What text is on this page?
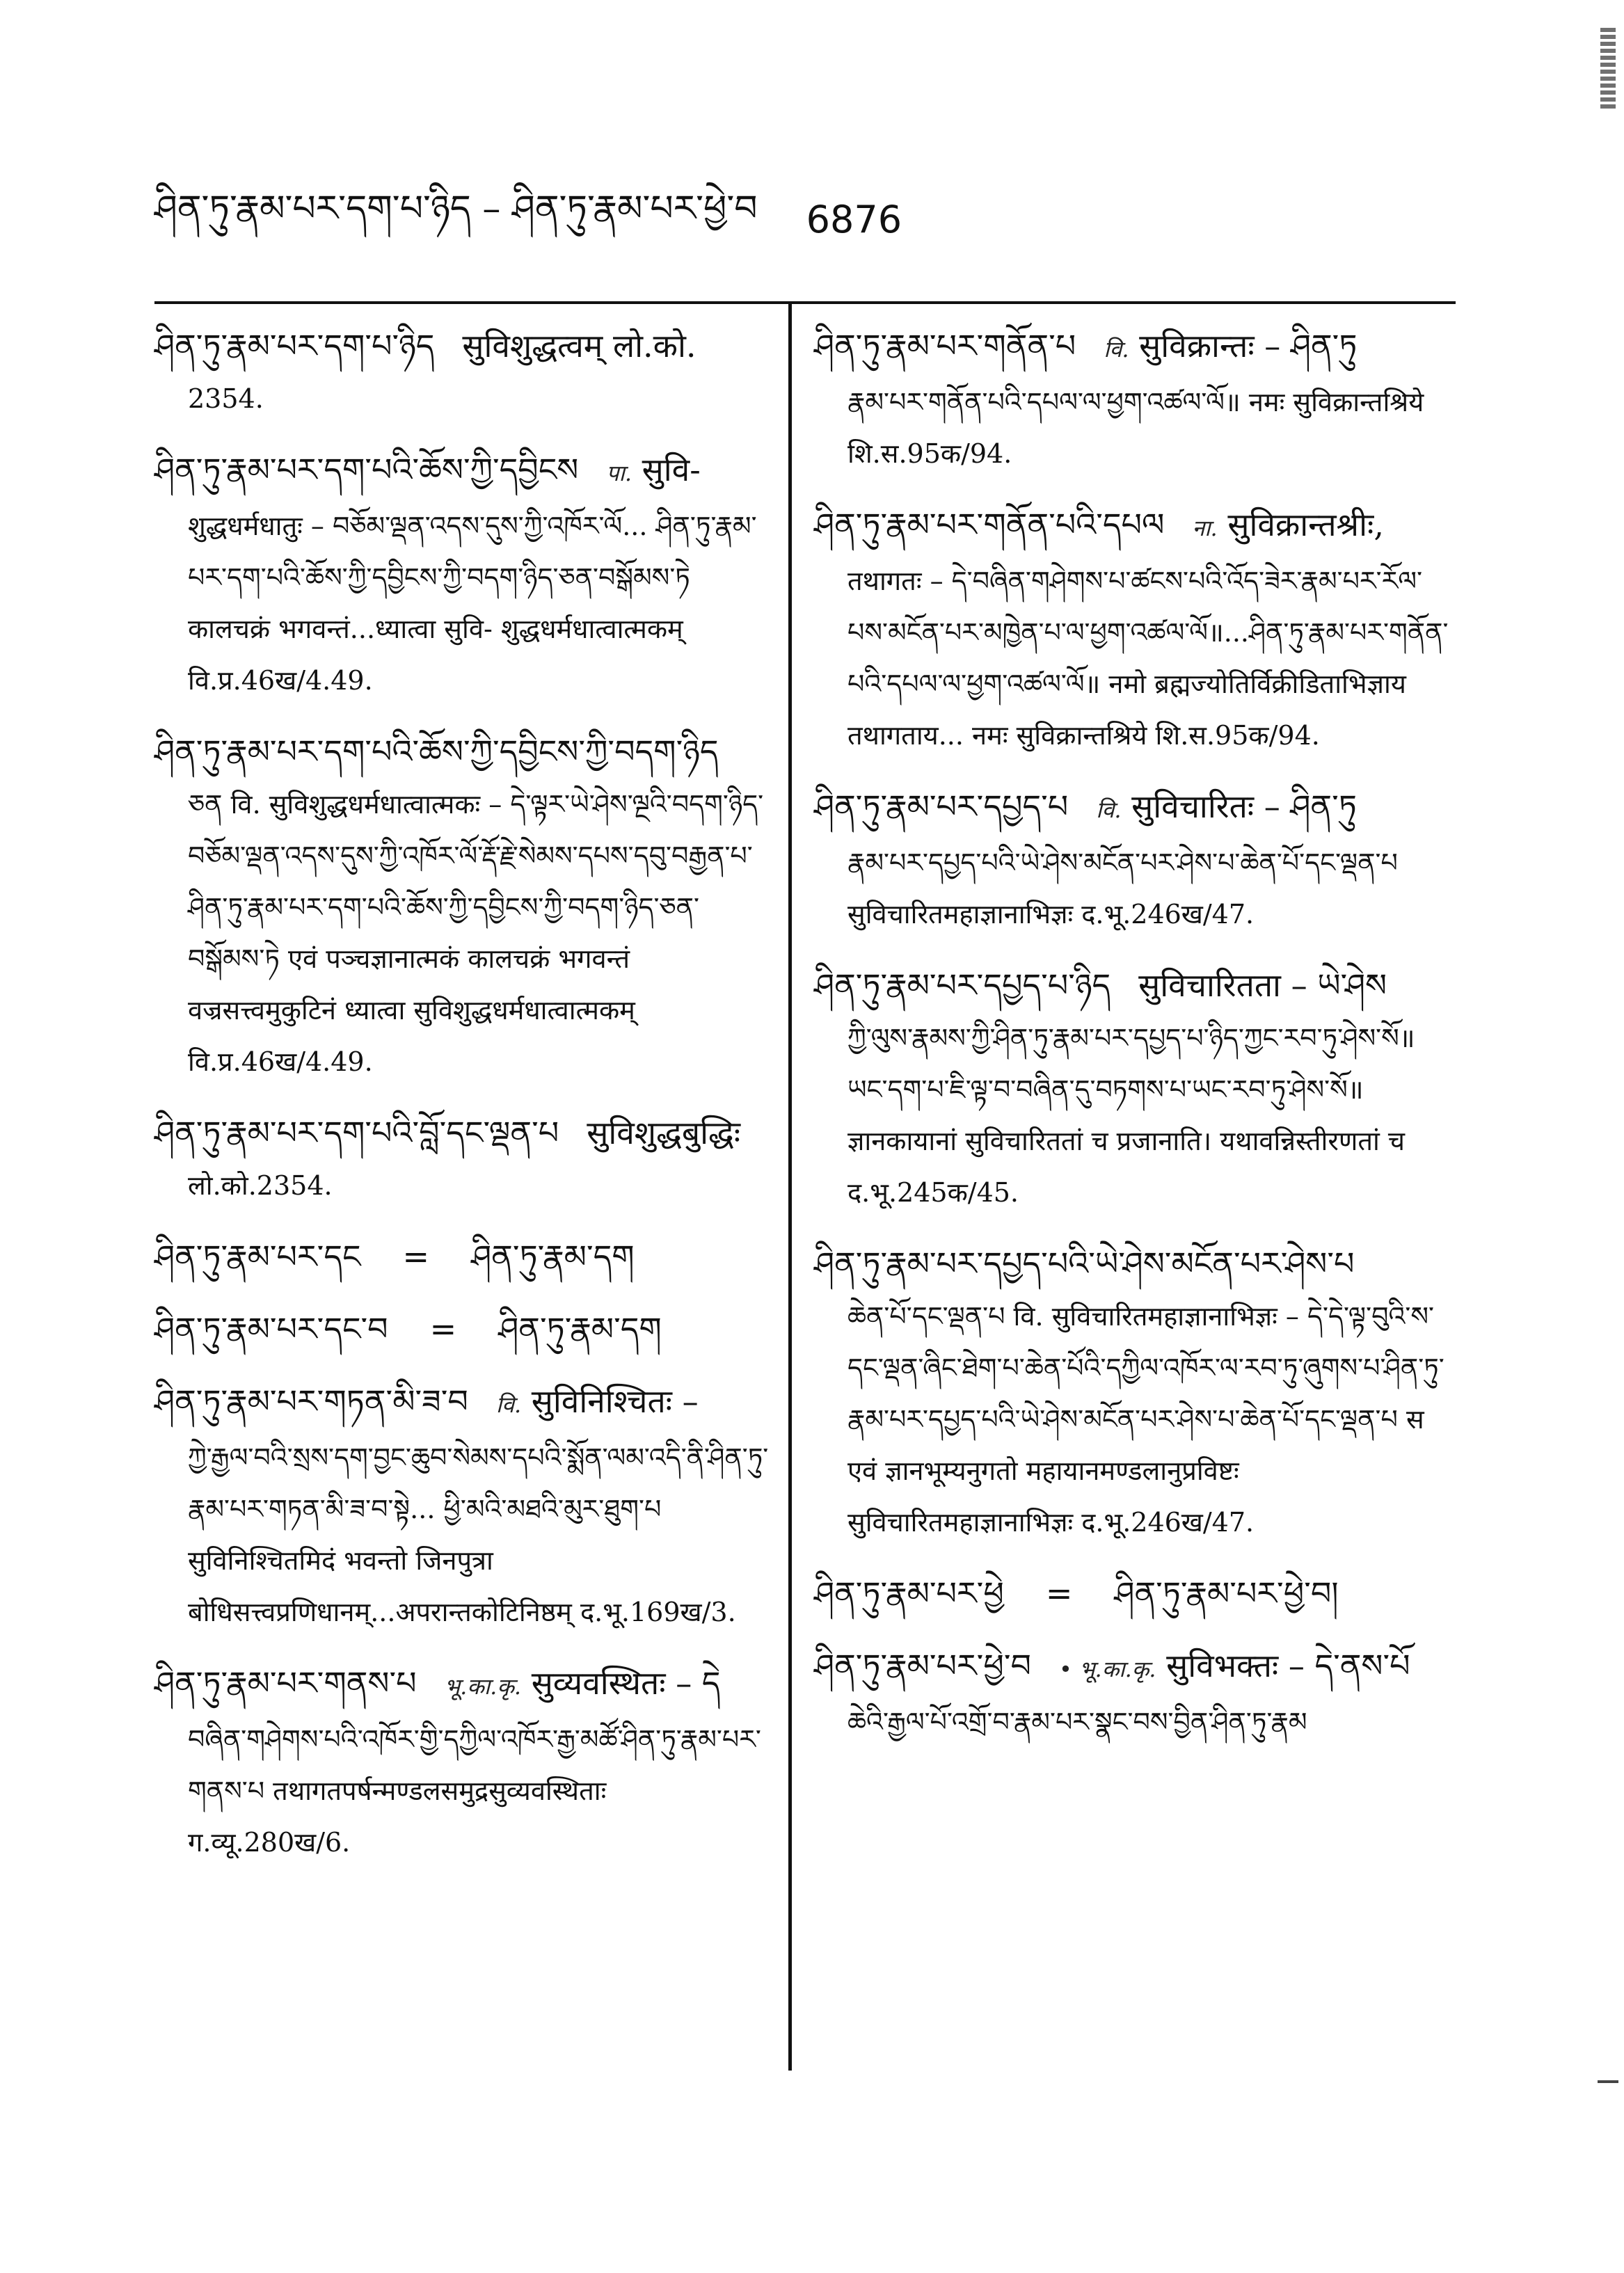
ཤིན་ཏུ་རྣམ་པར་དག་པ་ཉིད – ཤིན་ཏུ་རྣམ་པར་ཕྱེ་བ 6876
ཤིན་ཏུ་རྣམ་པར་དག་པ་ཉིད सुविशुद्धत्वम् लो.को.
2354.
ཤིན་ཏུ་རྣམ་པར་དག་པའི་ཆོས་ཀྱི་དབྱིངས पा. सुवि-
शुद्धधर्मधातुः – བཅོམ་ལྡན་འདས་དུས་ཀྱི་འཁོར་ལོ... ཤིན་ཏུ་རྣམ་པར་དག་པའི་ཆོས་ཀྱི་དབྱིངས་ཀྱི་བདག་ཉིད་ཅན་བསྒོམས་ཏེ कालचक्रं भगवन्तं...ध्यात्वा सुवि- शुद्धधर्मधात्वात्मकम् वि.प्र.46ख/4.49.
ཤིན་ཏུ་རྣམ་པར་དག་པའི་ཆོས་ཀྱི་དབྱིངས་ཀྱི་བདག་ཉིད
ཅན वि. सुविशुद्धधर्मधात्वात्मकः – དེ་ལྟར་ཡེ་ཤེས་ལྔའི་བདག་ཉིད་བཅོམ་ལྡན་འདས་དུས་ཀྱི་འཁོར་ལོ་རྡོ་རྗེ་སེམས་དཔས་དབུ་བརྒྱན་པ་ཤིན་ཏུ་རྣམ་པར་དག་པའི་ཆོས་ཀྱི་དབྱིངས་ཀྱི་བདག་ཉིད་ཅན་བསྒོམས་ཏེ एवं पञ्चज्ञानात्मकं कालचक्रं भगवन्तं वज्रसत्त्वमुकुटिनं ध्यात्वा सुविशुद्धधर्मधात्वात्मकम् वि.प्र.46ख/4.49.
ཤིན་ཏུ་རྣམ་པར་དག་པའི་བློ་དང་ལྡན་པ सुविशुद्धबुद्धिः
लो.को.2354.
ཤིན་ཏུ་རྣམ་པར་དང = ཤིན་ཏུ་རྣམ་དག
ཤིན་ཏུ་རྣམ་པར་དང་བ = ཤིན་ཏུ་རྣམ་དག
ཤིན་ཏུ་རྣམ་པར་གཏན་མི་ཟ་བ वि. सुविनिश्चितः –
ཀྱེ་རྒྱལ་བའི་སྲས་དག་བྱང་ཆུབ་སེམས་དཔའི་སྨོན་ལམ་འདི་ནི་ཤིན་ཏུ་རྣམ་པར་གཏན་མི་ཟ་བ་སྟེ... ཕྱི་མའི་མཐའི་མུར་ཐུག་པ सुविनिश्चितमिदं भवन्तो जिनपुत्रा बोधिसत्त्वप्रणिधानम्...अपरान्तकोटिनिष्ठम् द.भू.169ख/3.
ཤིན་ཏུ་རྣམ་པར་གནས་པ भू.का.कृ. सुव्यवस्थितः – དེ
བཞིན་གཤེགས་པའི་འཁོར་གྱི་དཀྱིལ་འཁོར་རྒྱ་མཚོ་ཤིན་ཏུ་རྣམ་པར་གནས་པ तथागतपर्षन्मण्डलसमुद्रसुव्यवस्थिताः ग.व्यू.280ख/6.
ཤིན་ཏུ་རྣམ་པར་གནོན་པ वि. सुविक्रान्तः – ཤིན་ཏུ
རྣམ་པར་གནོན་པའི་དཔལ་ལ་ཕྱག་འཚལ་ལོ॥ नमः सुविक्रान्तश्रिये शि.स.95क/94.
ཤིན་ཏུ་རྣམ་པར་གནོན་པའི་དཔལ ना. सुविक्रान्तश्रीः,
तथागतः – དེ་བཞིན་གཤེགས་པ་ཚངས་པའི་འོད་ཟེར་རྣམ་པར་རོལ་པས་མངོན་པར་མཁྱེན་པ་ལ་ཕྱག་འཚལ་ལོ॥...ཤིན་ཏུ་རྣམ་པར་གནོན་པའི་དཔལ་ལ་ཕྱག་འཚལ་ལོ॥ नमो ब्रह्मज्योतिर्विक्रीडिताभिज्ञाय तथागताय... नमः सुविक्रान्तश्रिये शि.स.95क/94.
ཤིན་ཏུ་རྣམ་པར་དཔྱད་པ वि. सुविचारितः – ཤིན་ཏུ
རྣམ་པར་དཔྱད་པའི་ཡེ་ཤེས་མངོན་པར་ཤེས་པ་ཆེན་པོ་དང་ལྡན་པ सुविचारितमहाज्ञानाभिज्ञः द.भू.246ख/47.
ཤིན་ཏུ་རྣམ་པར་དཔྱད་པ་ཉིད सुविचारितता – ཡེ་ཤེས
ཀྱི་ལུས་རྣམས་ཀྱི་ཤིན་ཏུ་རྣམ་པར་དཔྱད་པ་ཉིད་ཀྱང་རབ་ཏུ་ཤེས་སོ॥ ཡང་དག་པ་ཇི་ལྟ་བ་བཞིན་དུ་བཏགས་པ་ཡང་རབ་ཏུ་ཤེས་སོ॥ ज्ञानकायानां सुविचारिततां च प्रजानाति। यथावन्निस्तीरणतां च द.भू.245क/45.
ཤིན་ཏུ་རྣམ་པར་དཔྱད་པའི་ཡེ་ཤེས་མངོན་པར་ཤེས་པ
ཆེན་པོ་དང་ལྡན་པ वि. सुविचारितमहाज्ञानाभिज्ञः – དེ་དེ་ལྟ་བུའི་ས་དང་ལྡན་ཞིང་ཐེག་པ་ཆེན་པོའི་དཀྱིལ་འཁོར་ལ་རབ་ཏུ་ཞུགས་པ་ཤིན་ཏུ་རྣམ་པར་དཔྱད་པའི་ཡེ་ཤེས་མངོན་པར་ཤེས་པ་ཆེན་པོ་དང་ལྡན་པ स एवं ज्ञानभूम्यनुगतो महायानमण्डलानुप्रविष्टः सुविचारितमहाज्ञानाभिज्ञः द.भू.246ख/47.
ཤིན་ཏུ་རྣམ་པར་ཕྱེ = ཤིན་ཏུ་རྣམ་པར་ཕྱེ་བ།
ཤིན་ཏུ་རྣམ་པར་ཕྱེ་བ • भू.का.कृ. सुविभक्तः – དེ་ནས་པོ
ཆེའི་རྒྱལ་པོ་འགྲོ་བ་རྣམ་པར་སྣང་བས་བྱིན་ཤིན་ཏུ་རྣམ
